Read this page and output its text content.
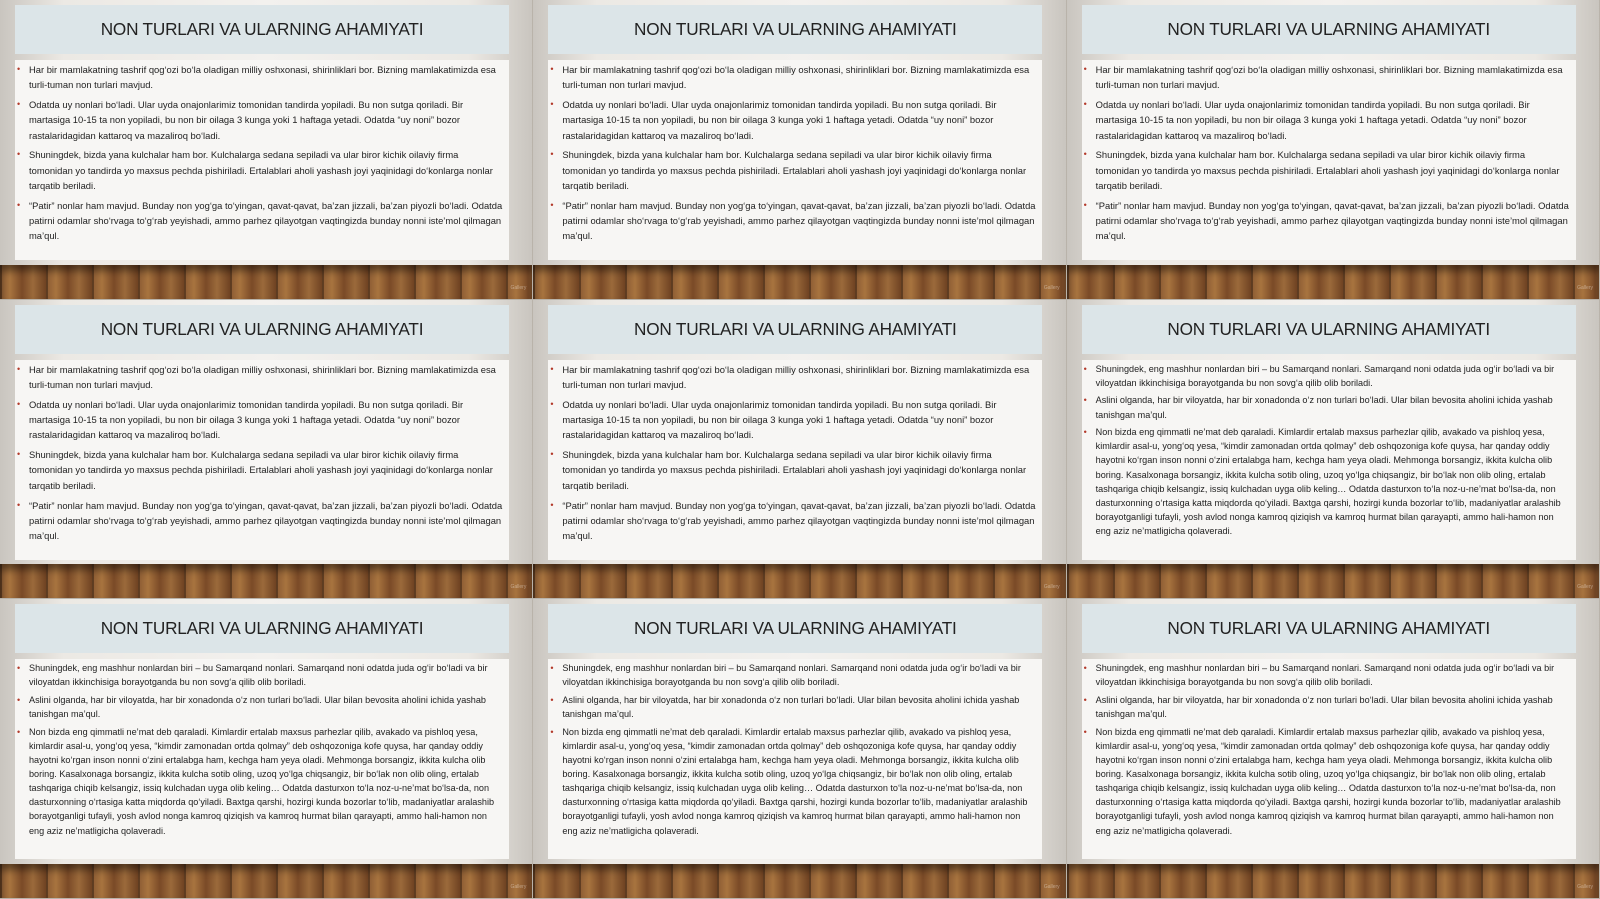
NON TURLARI VA ULARNING AHAMIYATI
• Har bir mamlakatning tashrif qog‘ozi bo‘la oladigan milliy oshxonasi, shirinliklari bor. Bizning mamlakatimizda esa turli-tuman non turlari mavjud.
• Odatda uy nonlari bo‘ladi. Ular uyda onajonlarimiz tomonidan tandirda yopiladi. Bu non sutga qoriladi. Bir martasiga 10-15 ta non yopiladi, bu non bir oilaga 3 kunga yoki 1 haftaga yetadi. Odatda “uy noni” bozor rastalaridagidan kattaroq va mazaliroq bo‘ladi.
• Shuningdek, bizda yana kulchalar ham bor. Kulchalarga sedana sepiladi va ular biror kichik oilaviy firma tomonidan yo tandirda yo maxsus pechda pishiriladi. Ertalablari aholi yashash joyi yaqinidagi do‘konlarga nonlar tarqatib beriladi.
• “Patir” nonlar ham mavjud. Bunday non yog‘ga to‘yingan, qavat-qavat, ba’zan jizzali, ba’zan piyozli bo‘ladi. Odatda patirni odamlar sho‘rvaga to‘g‘rab yeyishadi, ammo parhez qilayotgan vaqtingizda bunday nonni iste’mol qilmagan ma’qul.
Gallery
NON TURLARI VA ULARNING AHAMIYATI
• Har bir mamlakatning tashrif qog‘ozi bo‘la oladigan milliy oshxonasi, shirinliklari bor. Bizning mamlakatimizda esa turli-tuman non turlari mavjud.
• Odatda uy nonlari bo‘ladi. Ular uyda onajonlarimiz tomonidan tandirda yopiladi. Bu non sutga qoriladi. Bir martasiga 10-15 ta non yopiladi, bu non bir oilaga 3 kunga yoki 1 haftaga yetadi. Odatda “uy noni” bozor rastalaridagidan kattaroq va mazaliroq bo‘ladi.
• Shuningdek, bizda yana kulchalar ham bor. Kulchalarga sedana sepiladi va ular biror kichik oilaviy firma tomonidan yo tandirda yo maxsus pechda pishiriladi. Ertalablari aholi yashash joyi yaqinidagi do‘konlarga nonlar tarqatib beriladi.
• “Patir” nonlar ham mavjud. Bunday non yog‘ga to‘yingan, qavat-qavat, ba’zan jizzali, ba’zan piyozli bo‘ladi. Odatda patirni odamlar sho‘rvaga to‘g‘rab yeyishadi, ammo parhez qilayotgan vaqtingizda bunday nonni iste’mol qilmagan ma’qul.
Gallery
NON TURLARI VA ULARNING AHAMIYATI
• Har bir mamlakatning tashrif qog‘ozi bo‘la oladigan milliy oshxonasi, shirinliklari bor. Bizning mamlakatimizda esa turli-tuman non turlari mavjud.
• Odatda uy nonlari bo‘ladi. Ular uyda onajonlarimiz tomonidan tandirda yopiladi. Bu non sutga qoriladi. Bir martasiga 10-15 ta non yopiladi, bu non bir oilaga 3 kunga yoki 1 haftaga yetadi. Odatda “uy noni” bozor rastalaridagidan kattaroq va mazaliroq bo‘ladi.
• Shuningdek, bizda yana kulchalar ham bor. Kulchalarga sedana sepiladi va ular biror kichik oilaviy firma tomonidan yo tandirda yo maxsus pechda pishiriladi. Ertalablari aholi yashash joyi yaqinidagi do‘konlarga nonlar tarqatib beriladi.
• “Patir” nonlar ham mavjud. Bunday non yog‘ga to‘yingan, qavat-qavat, ba’zan jizzali, ba’zan piyozli bo‘ladi. Odatda patirni odamlar sho‘rvaga to‘g‘rab yeyishadi, ammo parhez qilayotgan vaqtingizda bunday nonni iste’mol qilmagan ma’qul.
Gallery
NON TURLARI VA ULARNING AHAMIYATI
• Har bir mamlakatning tashrif qog‘ozi bo‘la oladigan milliy oshxonasi, shirinliklari bor. Bizning mamlakatimizda esa turli-tuman non turlari mavjud.
• Odatda uy nonlari bo‘ladi. Ular uyda onajonlarimiz tomonidan tandirda yopiladi. Bu non sutga qoriladi. Bir martasiga 10-15 ta non yopiladi, bu non bir oilaga 3 kunga yoki 1 haftaga yetadi. Odatda “uy noni” bozor rastalaridagidan kattaroq va mazaliroq bo‘ladi.
• Shuningdek, bizda yana kulchalar ham bor. Kulchalarga sedana sepiladi va ular biror kichik oilaviy firma tomonidan yo tandirda yo maxsus pechda pishiriladi. Ertalablari aholi yashash joyi yaqinidagi do‘konlarga nonlar tarqatib beriladi.
• “Patir” nonlar ham mavjud. Bunday non yog‘ga to‘yingan, qavat-qavat, ba’zan jizzali, ba’zan piyozli bo‘ladi. Odatda patirni odamlar sho‘rvaga to‘g‘rab yeyishadi, ammo parhez qilayotgan vaqtingizda bunday nonni iste’mol qilmagan ma’qul.
Gallery
NON TURLARI VA ULARNING AHAMIYATI
• Har bir mamlakatning tashrif qog‘ozi bo‘la oladigan milliy oshxonasi, shirinliklari bor. Bizning mamlakatimizda esa turli-tuman non turlari mavjud.
• Odatda uy nonlari bo‘ladi. Ular uyda onajonlarimiz tomonidan tandirda yopiladi. Bu non sutga qoriladi. Bir martasiga 10-15 ta non yopiladi, bu non bir oilaga 3 kunga yoki 1 haftaga yetadi. Odatda “uy noni” bozor rastalaridagidan kattaroq va mazaliroq bo‘ladi.
• Shuningdek, bizda yana kulchalar ham bor. Kulchalarga sedana sepiladi va ular biror kichik oilaviy firma tomonidan yo tandirda yo maxsus pechda pishiriladi. Ertalablari aholi yashash joyi yaqinidagi do‘konlarga nonlar tarqatib beriladi.
• “Patir” nonlar ham mavjud. Bunday non yog‘ga to‘yingan, qavat-qavat, ba’zan jizzali, ba’zan piyozli bo‘ladi. Odatda patirni odamlar sho‘rvaga to‘g‘rab yeyishadi, ammo parhez qilayotgan vaqtingizda bunday nonni iste’mol qilmagan ma’qul.
Gallery
NON TURLARI VA ULARNING AHAMIYATI
• Shuningdek, eng mashhur nonlardan biri – bu Samarqand nonlari. Samarqand noni odatda juda og‘ir bo‘ladi va bir viloyatdan ikkinchisiga borayotganda bu non sovg‘a qilib olib boriladi.
• Aslini olganda, har bir viloyatda, har bir xonadonda o‘z non turlari bo‘ladi. Ular bilan bevosita aholini ichida yashab tanishgan ma’qul.
• Non bizda eng qimmatli ne’mat deb qaraladi. Kimlardir ertalab maxsus parhezlar qilib, avakado va pishloq yesa, kimlardir asal-u, yong‘oq yesa, “kimdir zamonadan ortda qolmay” deb oshqozoniga kofe quysa, har qanday oddiy hayotni ko‘rgan inson nonni o‘zini ertalabga ham, kechga ham yeya oladi. Mehmonga borsangiz, ikkita kulcha olib boring. Kasalxonaga borsangiz, ikkita kulcha sotib oling, uzoq yo‘lga chiqsangiz, bir bo‘lak non olib oling, ertalab tashqariga chiqib kelsangiz, issiq kulchadan uyga olib keling… Odatda dasturxon to‘la noz-u-ne’mat bo‘lsa-da, non dasturxonning o‘rtasiga katta miqdorda qo‘yiladi. Baxtga qarshi, hozirgi kunda bozorlar to‘lib, madaniyatlar aralashib borayotganligi tufayli, yosh avlod nonga kamroq qiziqish va kamroq hurmat bilan qarayapti, ammo hali-hamon non eng aziz ne’matligicha qolaveradi.
Gallery
NON TURLARI VA ULARNING AHAMIYATI
• Shuningdek, eng mashhur nonlardan biri – bu Samarqand nonlari. Samarqand noni odatda juda og‘ir bo‘ladi va bir viloyatdan ikkinchisiga borayotganda bu non sovg‘a qilib olib boriladi.
• Aslini olganda, har bir viloyatda, har bir xonadonda o‘z non turlari bo‘ladi. Ular bilan bevosita aholini ichida yashab tanishgan ma’qul.
• Non bizda eng qimmatli ne’mat deb qaraladi. Kimlardir ertalab maxsus parhezlar qilib, avakado va pishloq yesa, kimlardir asal-u, yong‘oq yesa, “kimdir zamonadan ortda qolmay” deb oshqozoniga kofe quysa, har qanday oddiy hayotni ko‘rgan inson nonni o‘zini ertalabga ham, kechga ham yeya oladi. Mehmonga borsangiz, ikkita kulcha olib boring. Kasalxonaga borsangiz, ikkita kulcha sotib oling, uzoq yo‘lga chiqsangiz, bir bo‘lak non olib oling, ertalab tashqariga chiqib kelsangiz, issiq kulchadan uyga olib keling… Odatda dasturxon to‘la noz-u-ne’mat bo‘lsa-da, non dasturxonning o‘rtasiga katta miqdorda qo‘yiladi. Baxtga qarshi, hozirgi kunda bozorlar to‘lib, madaniyatlar aralashib borayotganligi tufayli, yosh avlod nonga kamroq qiziqish va kamroq hurmat bilan qarayapti, ammo hali-hamon non eng aziz ne’matligicha qolaveradi.
Gallery
NON TURLARI VA ULARNING AHAMIYATI
• Shuningdek, eng mashhur nonlardan biri – bu Samarqand nonlari. Samarqand noni odatda juda og‘ir bo‘ladi va bir viloyatdan ikkinchisiga borayotganda bu non sovg‘a qilib olib boriladi.
• Aslini olganda, har bir viloyatda, har bir xonadonda o‘z non turlari bo‘ladi. Ular bilan bevosita aholini ichida yashab tanishgan ma’qul.
• Non bizda eng qimmatli ne’mat deb qaraladi. Kimlardir ertalab maxsus parhezlar qilib, avakado va pishloq yesa, kimlardir asal-u, yong‘oq yesa, “kimdir zamonadan ortda qolmay” deb oshqozoniga kofe quysa, har qanday oddiy hayotni ko‘rgan inson nonni o‘zini ertalabga ham, kechga ham yeya oladi. Mehmonga borsangiz, ikkita kulcha olib boring. Kasalxonaga borsangiz, ikkita kulcha sotib oling, uzoq yo‘lga chiqsangiz, bir bo‘lak non olib oling, ertalab tashqariga chiqib kelsangiz, issiq kulchadan uyga olib keling… Odatda dasturxon to‘la noz-u-ne’mat bo‘lsa-da, non dasturxonning o‘rtasiga katta miqdorda qo‘yiladi. Baxtga qarshi, hozirgi kunda bozorlar to‘lib, madaniyatlar aralashib borayotganligi tufayli, yosh avlod nonga kamroq qiziqish va kamroq hurmat bilan qarayapti, ammo hali-hamon non eng aziz ne’matligicha qolaveradi.
Gallery
NON TURLARI VA ULARNING AHAMIYATI
• Shuningdek, eng mashhur nonlardan biri – bu Samarqand nonlari. Samarqand noni odatda juda og‘ir bo‘ladi va bir viloyatdan ikkinchisiga borayotganda bu non sovg‘a qilib olib boriladi.
• Aslini olganda, har bir viloyatda, har bir xonadonda o‘z non turlari bo‘ladi. Ular bilan bevosita aholini ichida yashab tanishgan ma’qul.
• Non bizda eng qimmatli ne’mat deb qaraladi. Kimlardir ertalab maxsus parhezlar qilib, avakado va pishloq yesa, kimlardir asal-u, yong‘oq yesa, “kimdir zamonadan ortda qolmay” deb oshqozoniga kofe quysa, har qanday oddiy hayotni ko‘rgan inson nonni o‘zini ertalabga ham, kechga ham yeya oladi. Mehmonga borsangiz, ikkita kulcha olib boring. Kasalxonaga borsangiz, ikkita kulcha sotib oling, uzoq yo‘lga chiqsangiz, bir bo‘lak non olib oling, ertalab tashqariga chiqib kelsangiz, issiq kulchadan uyga olib keling… Odatda dasturxon to‘la noz-u-ne’mat bo‘lsa-da, non dasturxonning o‘rtasiga katta miqdorda qo‘yiladi. Baxtga qarshi, hozirgi kunda bozorlar to‘lib, madaniyatlar aralashib borayotganligi tufayli, yosh avlod nonga kamroq qiziqish va kamroq hurmat bilan qarayapti, ammo hali-hamon non eng aziz ne’matligicha qolaveradi.
Gallery
